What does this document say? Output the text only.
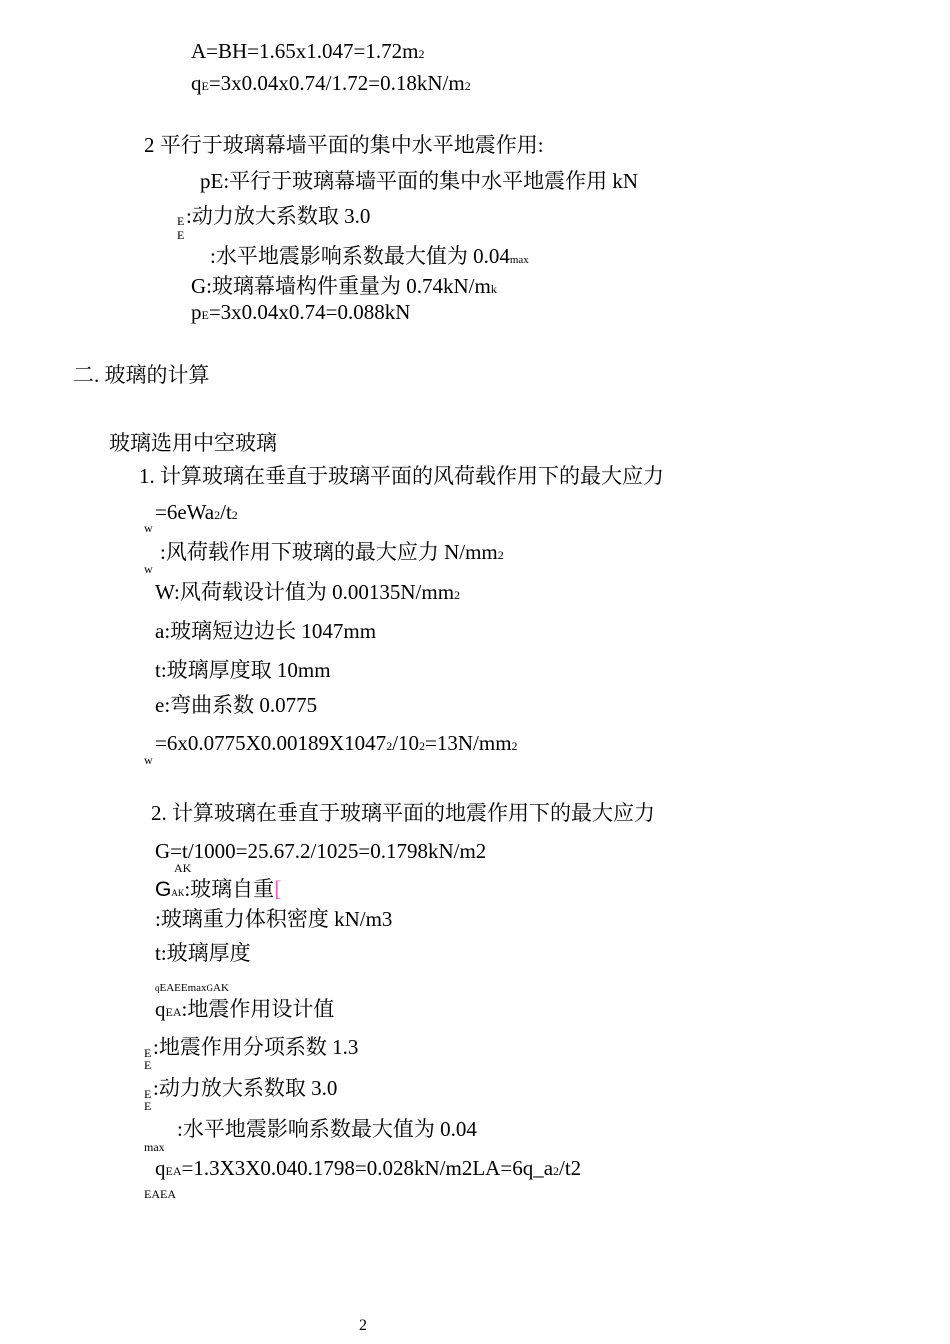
A=BH=1.65x1.047=1.72m2
qE=3x0.04x0.74/1.72=0.18kN/m2
2 平行于玻璃幕墙平面的集中水平地震作用:
pE:平行于玻璃幕墙平面的集中水平地震作用 kN
E
E
:动力放大系数取 3.0
:水平地震影响系数最大值为 0.04max
G:玻璃幕墙构件重量为 0.74kN/mk
pE=3x0.04x0.74=0.088kN
二. 玻璃的计算
玻璃选用中空玻璃
1. 计算玻璃在垂直于玻璃平面的风荷载作用下的最大应力
=6eWa2/t2
w
:风荷载作用下玻璃的最大应力 N/mm2
w
W:风荷载设计值为 0.00135N/mm2
a:玻璃短边边长 1047mm
t:玻璃厚度取 10mm
e:弯曲系数 0.0775
=6x0.0775X0.00189X10472/102=13N/mm2
w
2. 计算玻璃在垂直于玻璃平面的地震作用下的最大应力
G=t/1000=25.67.2/1025=0.1798kN/m2
AK
GAK:玻璃自重[
:玻璃重力体积密度 kN/m3
t:玻璃厚度
qEAEEmaxGAK
qEA:地震作用设计值
E
E
:地震作用分项系数 1.3
E
E
:动力放大系数取 3.0
:水平地震影响系数最大值为 0.04
max
qEA=1.3X3X0.040.1798=0.028kN/m2LA=6q_a2/t2
EAEA
2
